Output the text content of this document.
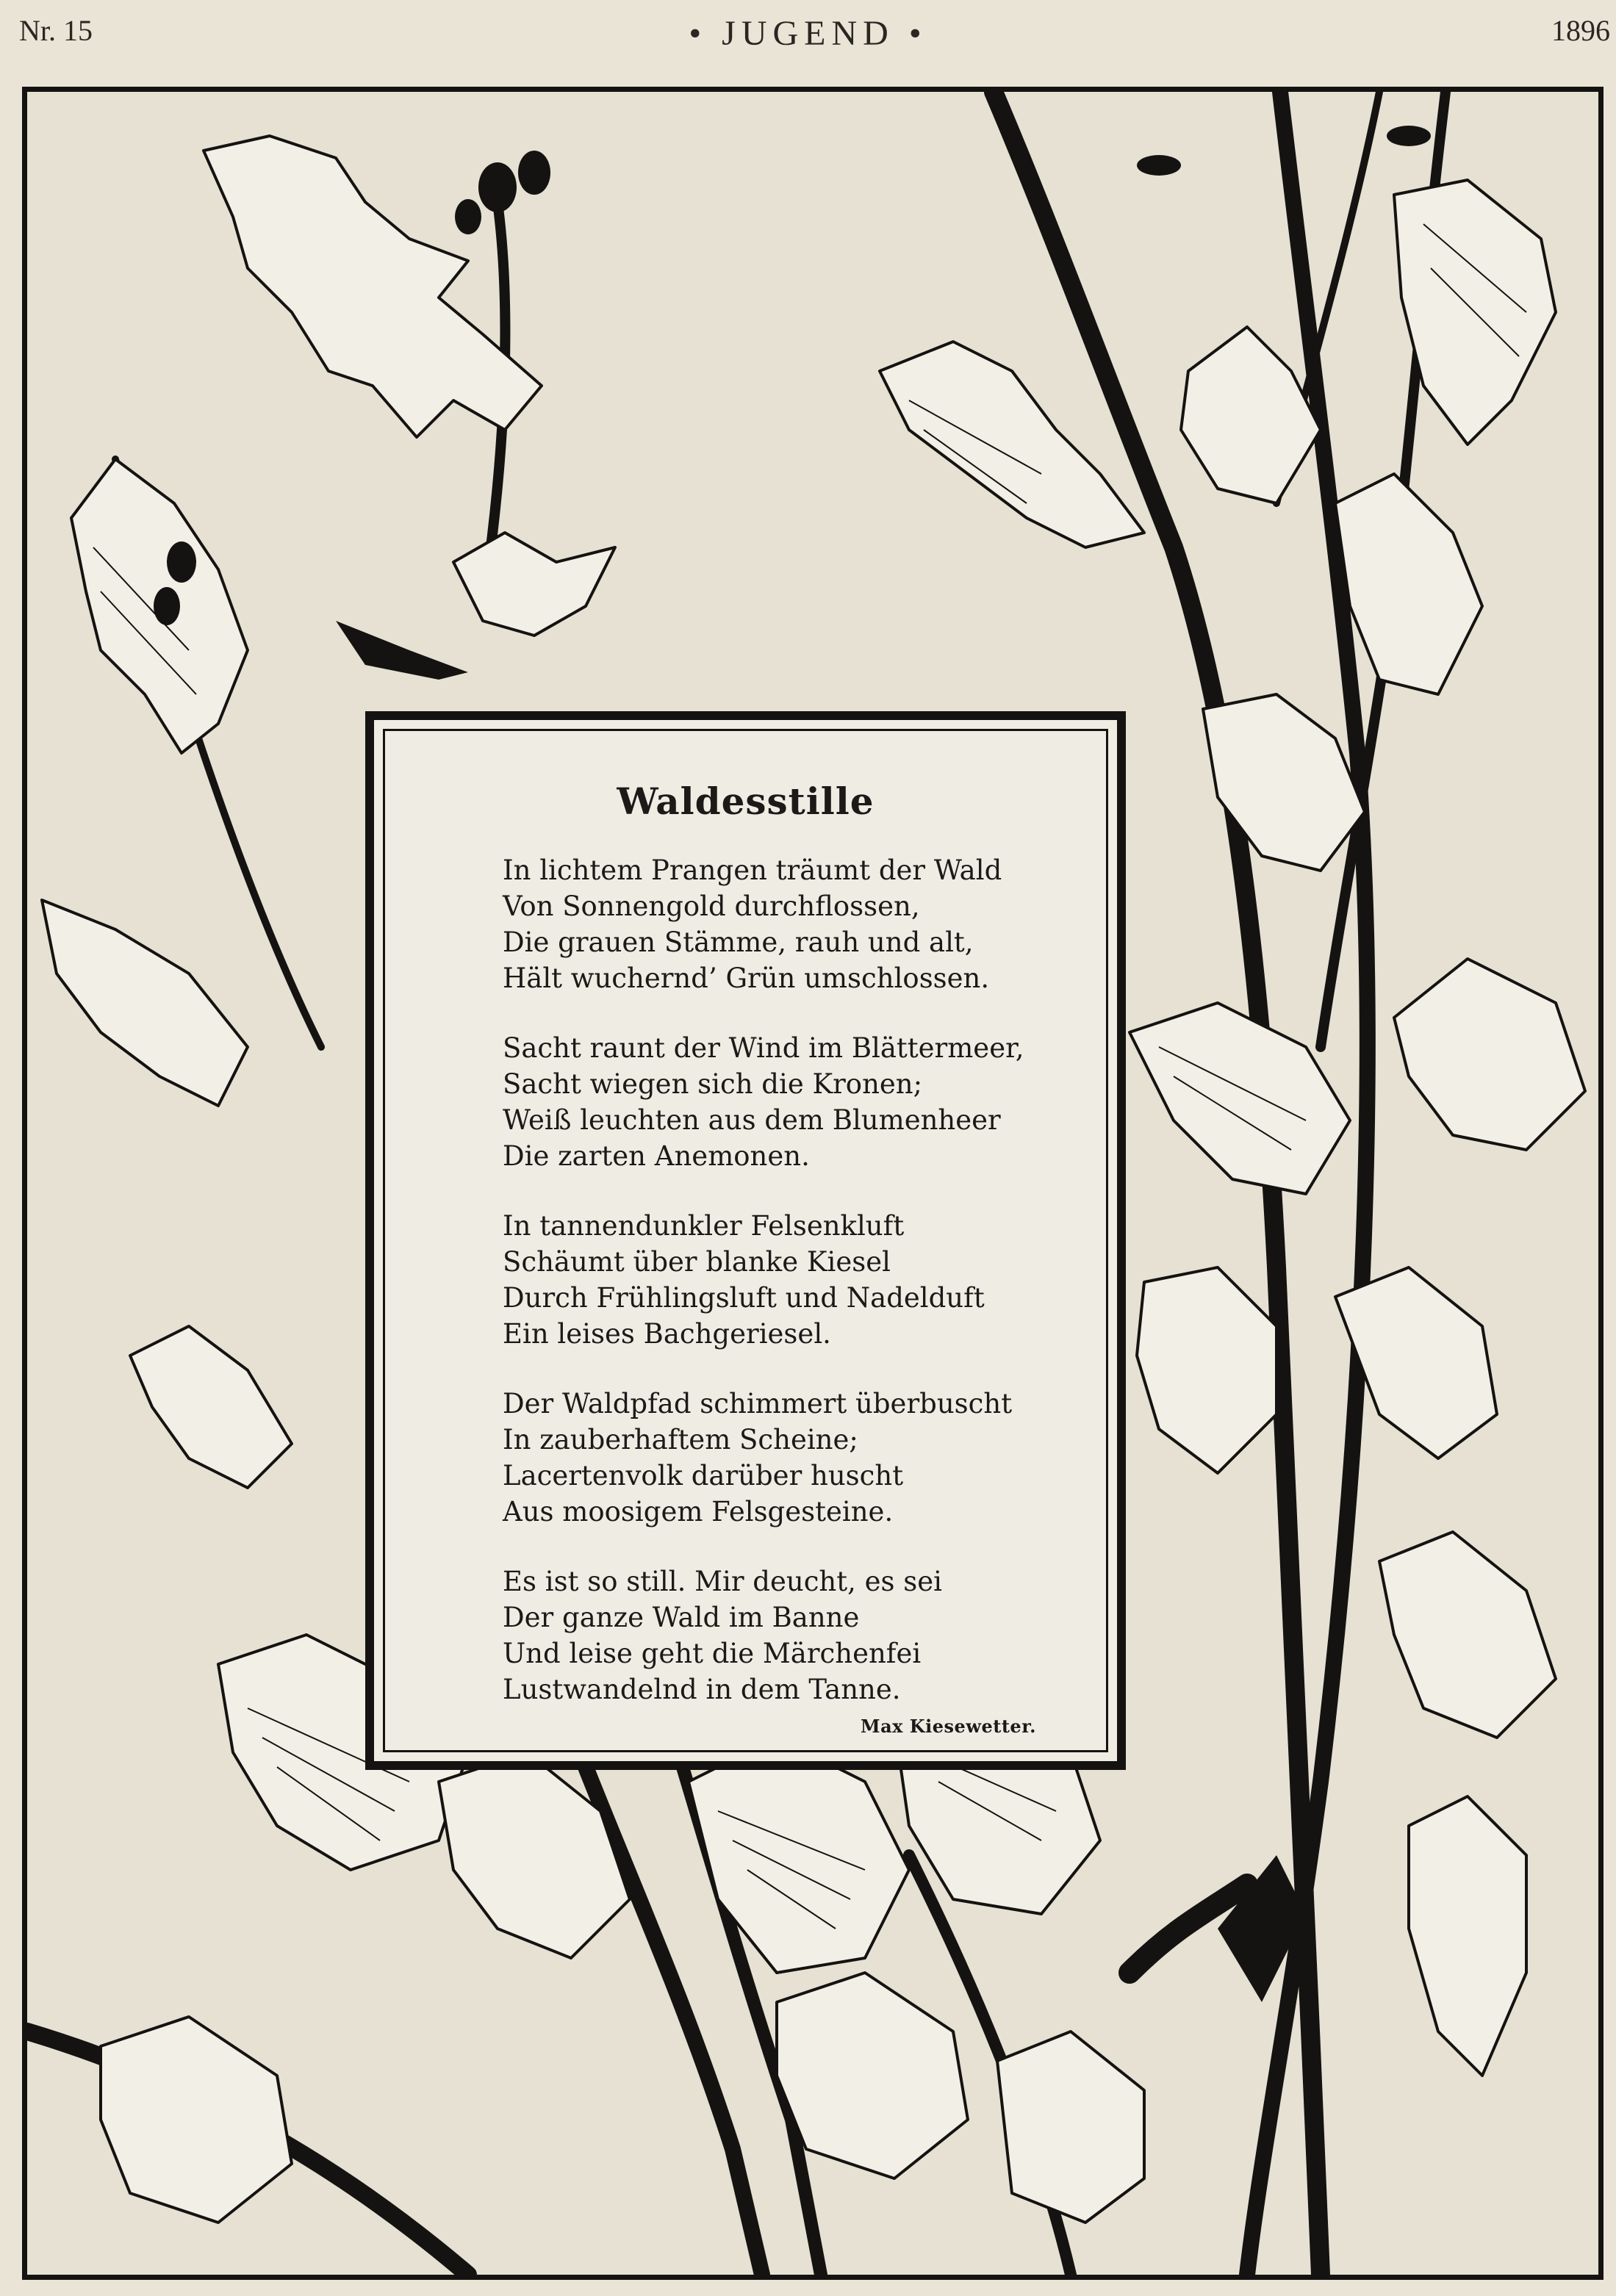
Nr. 15	• JUGEND •	1896
Waldesstille
In lichtem Prangen träumt der Wald
Von Sonnengold durchflossen,
Die grauen Stämme, rauh und alt,
Hält wuchernd’ Grün umschlossen.
Sacht raunt der Wind im Blättermeer,
Sacht wiegen sich die Kronen;
Weiß leuchten aus dem Blumenheer
Die zarten Anemonen.
In tannendunkler Felsenkluft
Schäumt über blanke Kiesel
Durch Frühlingsluft und Nadelduft
Ein leises Bachgeriesel.
Der Waldpfad schimmert überbuscht
In zauberhaftem Scheine;
Lacertenvolk darüber huscht
Aus moosigem Felsgesteine.
Es ist so still. Mir deucht, es sei
Der ganze Wald im Banne
Und leise geht die Märchenfei
Lustwandelnd in dem Tanne.
Max Kiesewetter.
